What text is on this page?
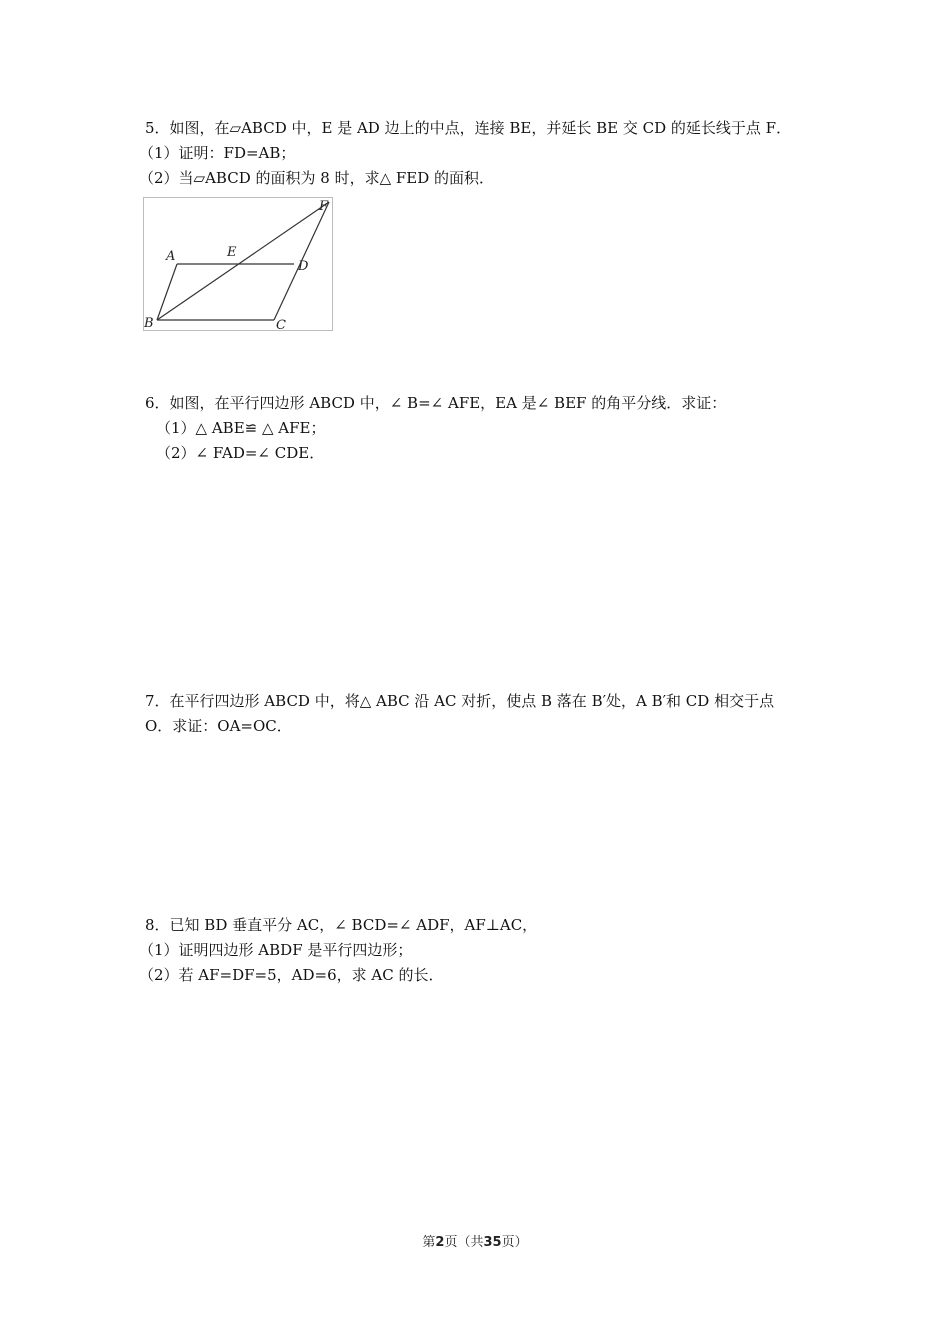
5．如图，在▱ABCD 中，E 是 AD 边上的中点，连接 BE，并延长 BE 交 CD 的延长线于点 F．
（1）证明：FD=AB；
（2）当▱ABCD 的面积为 8 时，求△ FED 的面积．
A
B	C
D
E
F
6．如图，在平行四边形 ABCD 中，∠ B=∠ AFE，EA 是∠ BEF 的角平分线．求证：
（1）△ ABE≌ △ AFE；
（2）∠ FAD=∠ CDE．
7．在平行四边形 ABCD 中，将△ ABC 沿 AC 对折，使点 B 落在 B′处，A B′和 CD 相交于点
O．求证：OA=OC．
8．已知 BD 垂直平分 AC，∠ BCD=∠ ADF，AF⊥AC，
（1）证明四边形 ABDF 是平行四边形；
（2）若 AF=DF=5，AD=6，求 AC 的长．
第2页（共35页）
